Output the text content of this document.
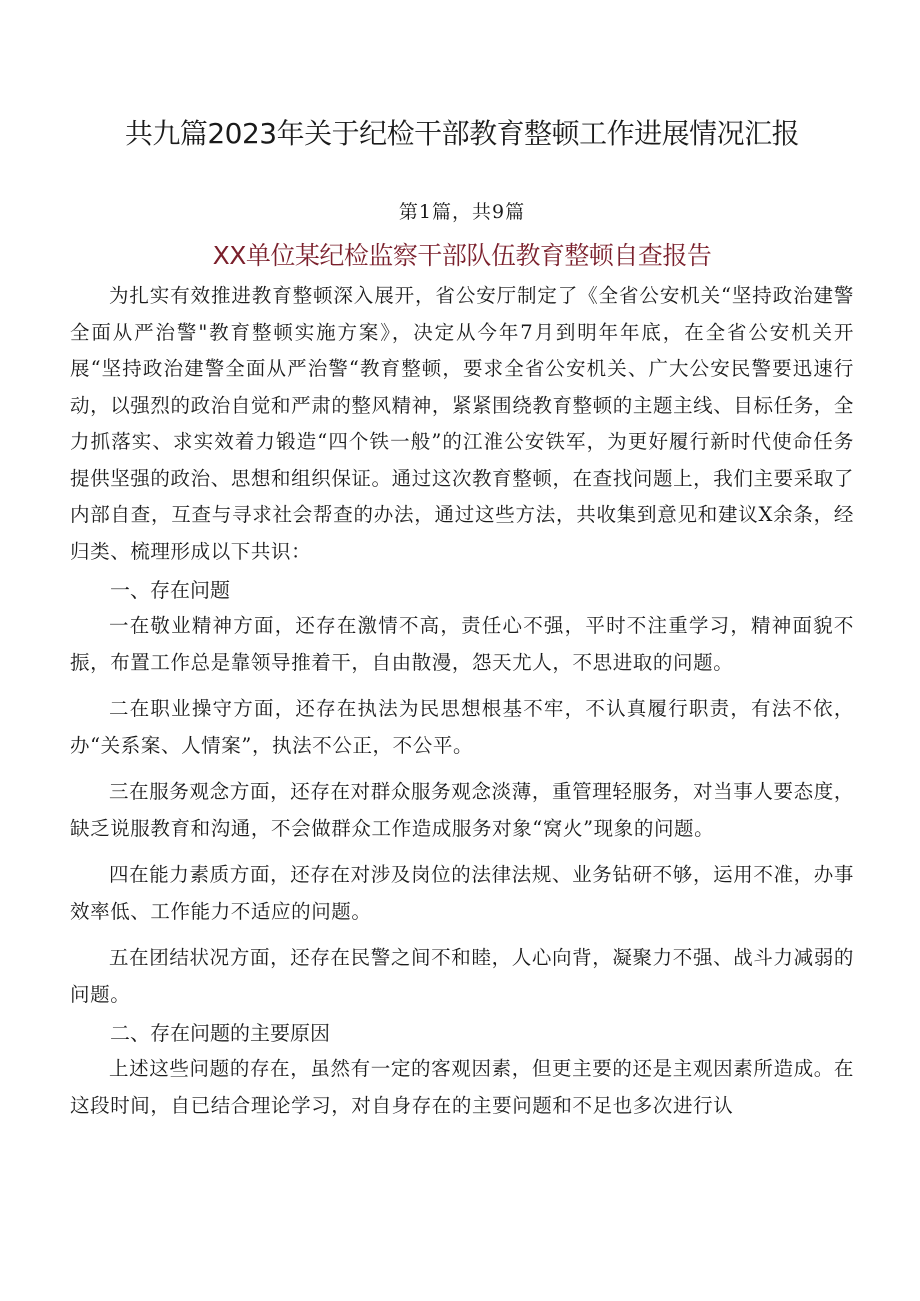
共九篇2023年关于纪检干部教育整顿工作进展情况汇报
第1篇，共9篇
XX单位某纪检监察干部队伍教育整顿自查报告

为扎实有效推进教育整顿深入展开，省公安厅制定了《全省公安机关“坚持政治建警全面从严治警"教育整顿实施方案》，决定从今年7月到明年年底，在全省公安机关开展“坚持政治建警全面从严治警“教育整顿，要求全省公安机关、广大公安民警要迅速行动，以强烈的政治自觉和严肃的整风精神，紧紧围绕教育整顿的主题主线、目标任务，全力抓落实、求实效着力锻造“四个铁一般”的江淮公安铁军，为更好履行新时代使命任务提供坚强的政治、思想和组织保证。通过这次教育整顿，在查找问题上，我们主要采取了内部自查，互查与寻求社会帮查的办法，通过这些方法，共收集到意见和建议X余条，经归类、梳理形成以下共识：

一、存在问题

一在敬业精神方面，还存在激情不高，责任心不强，平时不注重学习，精神面貌不振，布置工作总是靠领导推着干，自由散漫，怨天尤人，不思进取的问题。

二在职业操守方面，还存在执法为民思想根基不牢，不认真履行职责，有法不依，办“关系案、人情案”，执法不公正，不公平。

三在服务观念方面，还存在对群众服务观念淡薄，重管理轻服务，对当事人要态度，缺乏说服教育和沟通，不会做群众工作造成服务对象“窝火”现象的问题。

四在能力素质方面，还存在对涉及岗位的法律法规、业务钻研不够，运用不准，办事效率低、工作能力不适应的问题。

五在团结状况方面，还存在民警之间不和睦，人心向背，凝聚力不强、战斗力减弱的问题。

二、存在问题的主要原因

上述这些问题的存在，虽然有一定的客观因素，但更主要的还是主观因素所造成。在这段时间，自已结合理论学习，对自身存在的主要问题和不足也多次进行认
